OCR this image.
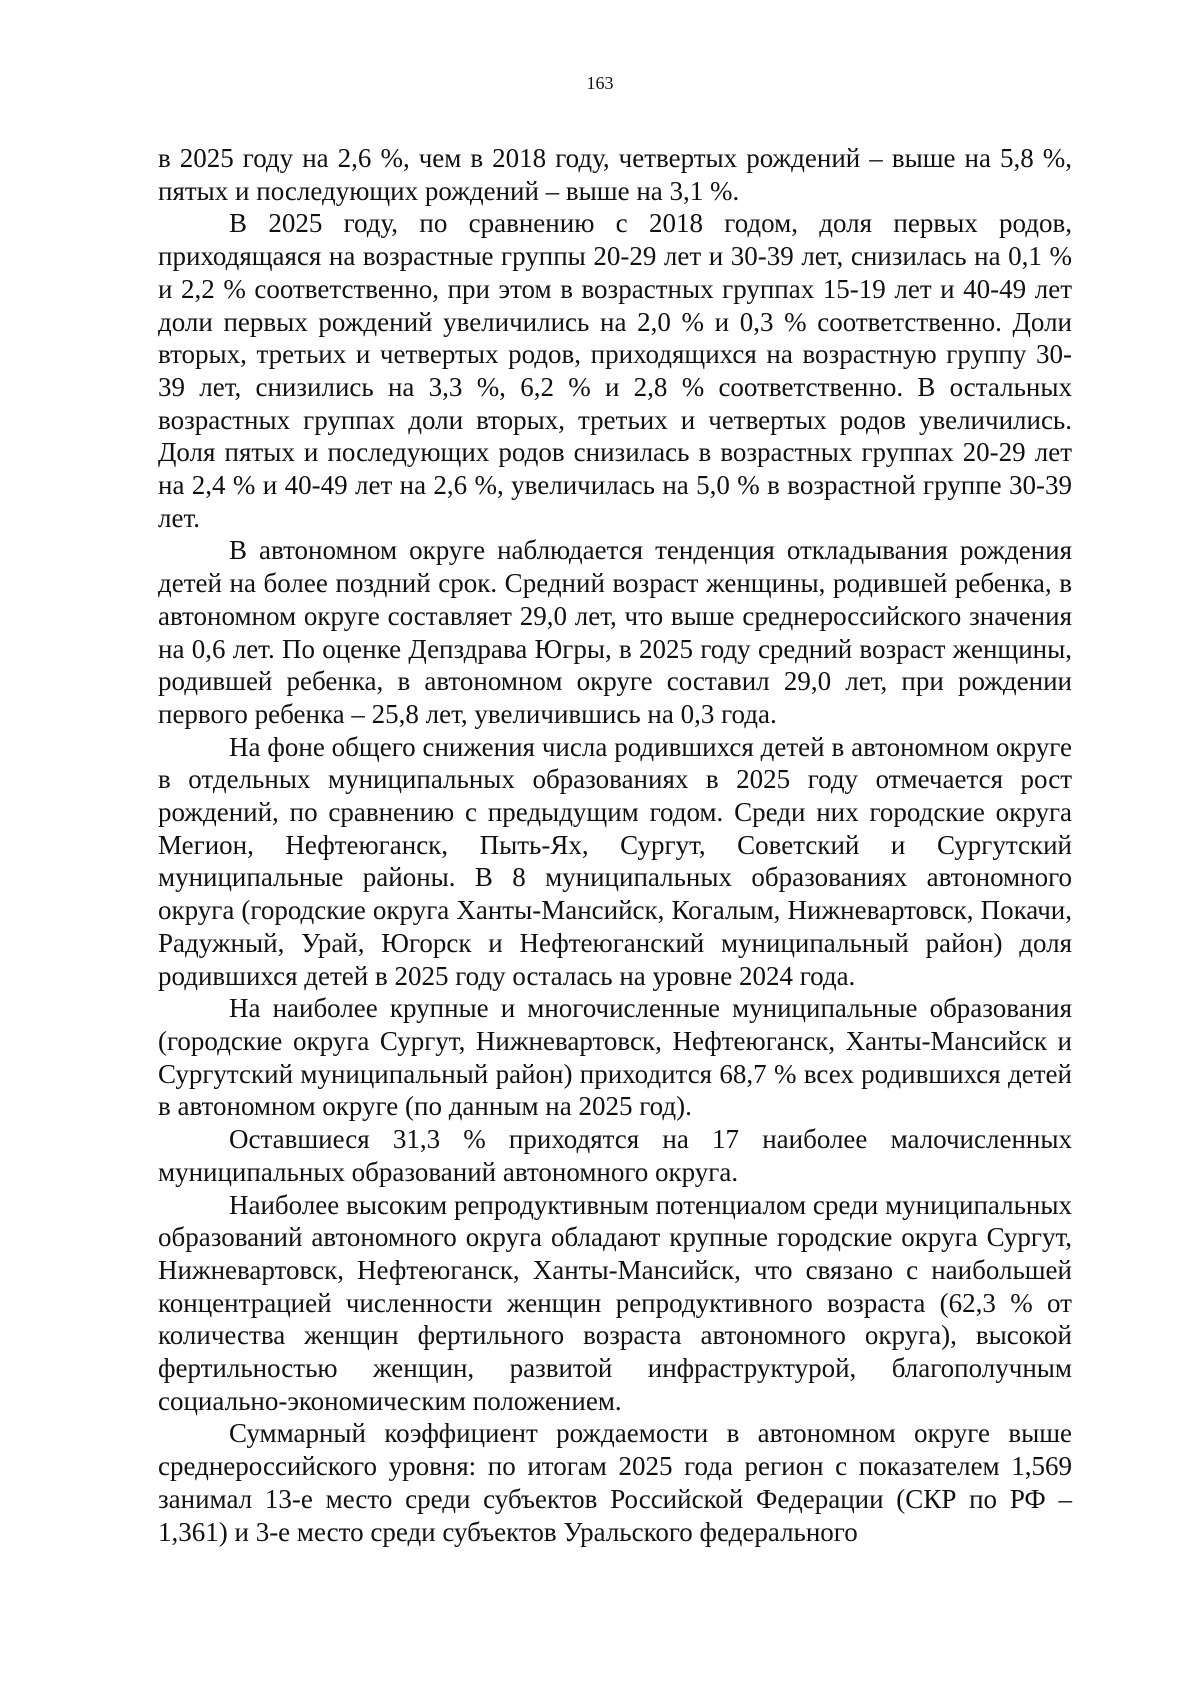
163

в 2025 году на 2,6 %, чем в 2018 году, четвертых рождений – выше на 5,8 %, пятых и последующих рождений – выше на 3,1 %.

В 2025 году, по сравнению с 2018 годом, доля первых родов, приходящаяся на возрастные группы 20-29 лет и 30-39 лет, снизилась на 0,1 % и 2,2 % соответственно, при этом в возрастных группах 15-19 лет и 40-49 лет доли первых рождений увеличились на 2,0 % и 0,3 % соответственно. Доли вторых, третьих и четвертых родов, приходящихся на возрастную группу 30-39 лет, снизились на 3,3 %, 6,2 % и 2,8 % соответственно. В остальных возрастных группах доли вторых, третьих и четвертых родов увеличились. Доля пятых и последующих родов снизилась в возрастных группах 20-29 лет на 2,4 % и 40-49 лет на 2,6 %, увеличилась на 5,0 % в возрастной группе 30-39 лет.

В автономном округе наблюдается тенденция откладывания рождения детей на более поздний срок. Средний возраст женщины, родившей ребенка, в автономном округе составляет 29,0 лет, что выше среднероссийского значения на 0,6 лет. По оценке Депздрава Югры, в 2025 году средний возраст женщины, родившей ребенка, в автономном округе составил 29,0 лет, при рождении первого ребенка – 25,8 лет, увеличившись на 0,3 года.

На фоне общего снижения числа родившихся детей в автономном округе в отдельных муниципальных образованиях в 2025 году отмечается рост рождений, по сравнению с предыдущим годом. Среди них городские округа Мегион, Нефтеюганск, Пыть-Ях, Сургут, Советский и Сургутский муниципальные районы. В 8 муниципальных образованиях автономного округа (городские округа Ханты-Мансийск, Когалым, Нижневартовск, Покачи, Радужный, Урай, Югорск и Нефтеюганский муниципальный район) доля родившихся детей в 2025 году осталась на уровне 2024 года.

На наиболее крупные и многочисленные муниципальные образования (городские округа Сургут, Нижневартовск, Нефтеюганск, Ханты-Мансийск и Сургутский муниципальный район) приходится 68,7 % всех родившихся детей в автономном округе (по данным на 2025 год).

Оставшиеся 31,3 % приходятся на 17 наиболее малочисленных муниципальных образований автономного округа.

Наиболее высоким репродуктивным потенциалом среди муниципальных образований автономного округа обладают крупные городские округа Сургут, Нижневартовск, Нефтеюганск, Ханты-Мансийск, что связано с наибольшей концентрацией численности женщин репродуктивного возраста (62,3 % от количества женщин фертильного возраста автономного округа), высокой фертильностью женщин, развитой инфраструктурой, благополучным социально-экономическим положением.

Суммарный коэффициент рождаемости в автономном округе выше среднероссийского уровня: по итогам 2025 года регион с показателем 1,569 занимал 13-е место среди субъектов Российской Федерации (СКР по РФ – 1,361) и 3-е место среди субъектов Уральского федерального
